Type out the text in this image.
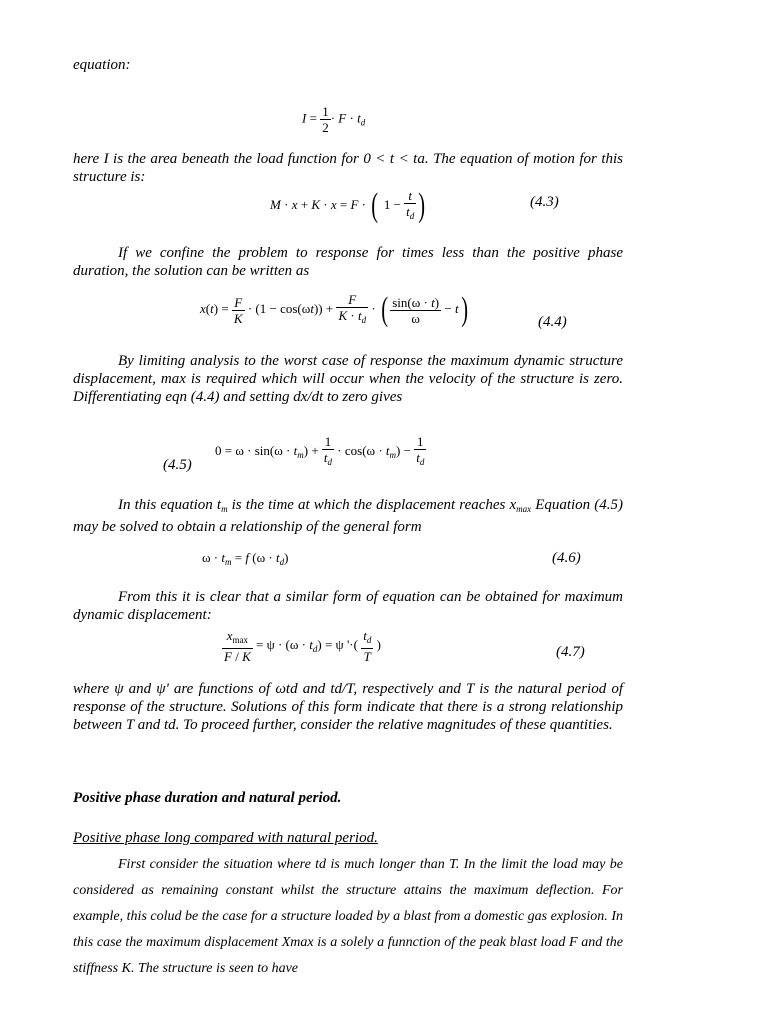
equation:

$I = \frac{1}{2} \cdot F \cdot t_d$

here I is the area beneath the load function for 0 < t < ta. The equation of motion for this structure is:

M · x + K · x = F · ( $1 - \frac{t}{t_d}$ )	(4.3)

If we confine the problem to response for times less than the positive phase duration, the solution can be written as

$x(t) = \frac{F}{K} \cdot (1 - \cos(\omega t)) + \frac{F}{K \cdot t_d}$ · ( $\frac{\sin(\omega \cdot t)}{\omega} - t$)	(4.4)

By limiting analysis to the worst case of response the maximum dynamic structure displacement, max is required which will occur when the velocity of the structure is zero. Differentiating eqn (4.4) and setting dx/dt to zero gives

$0 = \omega \cdot \sin(\omega \cdot t_m) + \frac{1}{t_d} \cdot \cos(\omega \cdot t_m) - \frac{1}{t_d}$
(4.5)

In this equation $t_m$ is the time at which the displacement reaches $x_{max}$ Equation (4.5) may be solved to obtain a relationship of the general form

$\omega \cdot t_m = f$ $(\omega \cdot t_d)$	(4.6)

From this it is clear that a similar form of equation can be obtained for maximum dynamic displacement:

$\frac{x_{max}}{F / K} = \psi \cdot (\omega \cdot t_d) = \psi$ '·( $\frac{t_d}{T}$ )	(4.7)

where ψ and ψ' are functions of ωtd and td/T, respectively and T is the natural period of response of the structure. Solutions of this form indicate that there is a strong relationship between T and td. To proceed further, consider the relative magnitudes of these quantities.

Positive phase duration and natural period.
Positive phase long compared with natural period.

First consider the situation where td is much longer than T. In the limit the load may be considered as remaining constant whilst the structure attains the maximum deflection. For example, this colud be the case for a structure loaded by a blast from a domestic gas explosion. In this case the maximum displacement Xmax is a solely a funnction of the peak blast load F and the stiffness K. The structure is seen to have
